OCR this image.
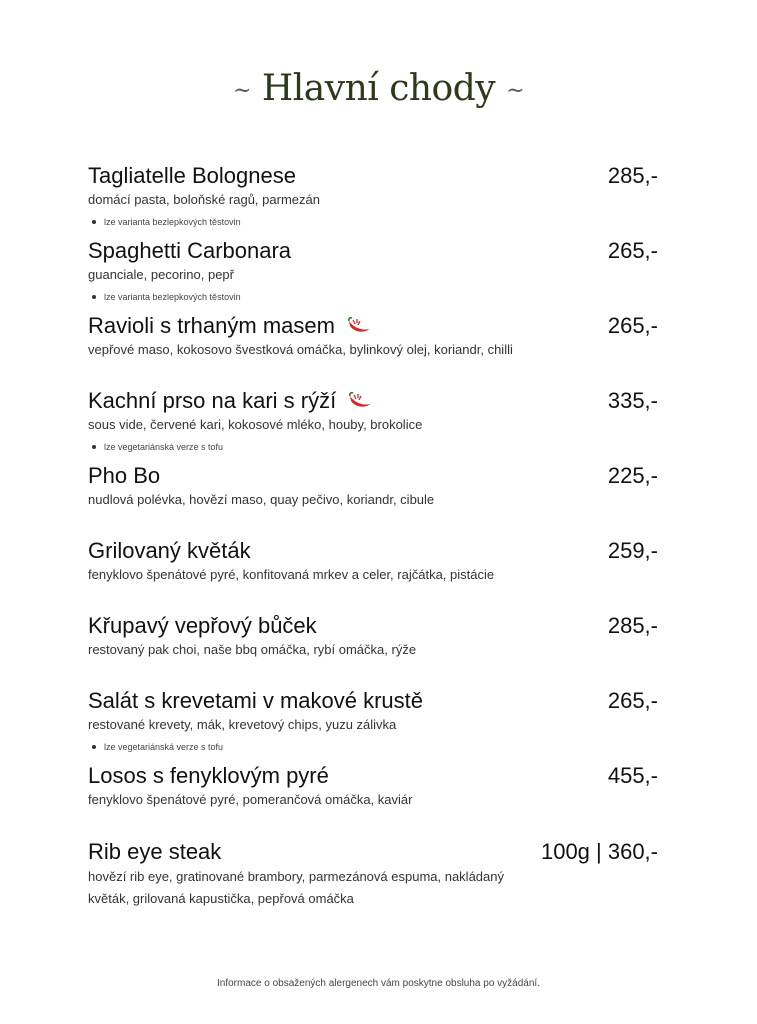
~ Hlavní chody ~
Tagliatelle Bolognese	285,-
domácí pasta, boloňské ragů, parmezán
lze varianta bezlepkových těstovin
Spaghetti Carbonara	265,-
guanciale, pecorino, pepř
lze varianta bezlepkových těstovin
Ravioli s trhaným masem	265,-
vepřové maso, kokosovo švestková omáčka, bylinkový olej, koriandr, chilli
Kachní prso na kari s rýží	335,-
sous vide, červené kari, kokosové mléko, houby, brokolice
lze vegetariánská verze s tofu
Pho Bo	225,-
nudlová polévka, hovězí maso, quay pečivo, koriandr, cibule
Grilovaný květák	259,-
fenyklovo špenátové pyré, konfitovaná mrkev a celer, rajčátka, pistácie
Křupavý vepřový bůček	285,-
restovaný pak choi, naše bbq omáčka, rybí omáčka, rýže
Salát s krevetami v makové krustě	265,-
restované krevety, mák, krevetový chips, yuzu zálivka
lze vegetariánská verze s tofu
Losos s fenyklovým pyré	455,-
fenyklovo špenátové pyré, pomerančová omáčka, kaviár
Rib eye steak	100g | 360,-
hovězí rib eye, gratinované brambory, parmezánová espuma, nakládaný
květák, grilovaná kapustička, pepřová omáčka
Informace o obsažených alergenech vám poskytne obsluha po vyžádání.
